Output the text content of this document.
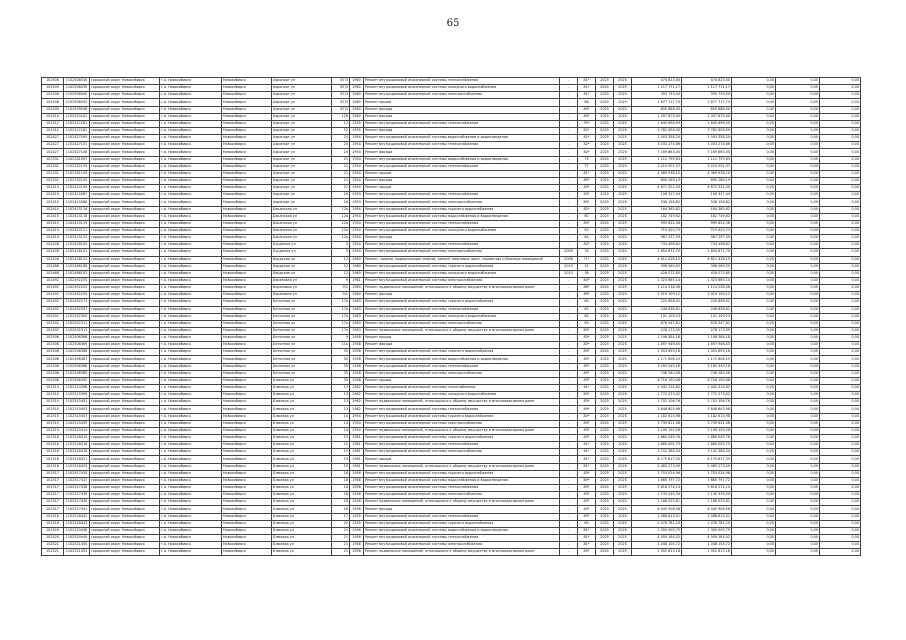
65
102508	1102508030	городской округ Новосибирск	г.о. Новосибирск	Новосибирск	Аэропорт ул	67/3	1960	Ремонт внутридомовой инженерной системы теплоснабжения	-	81*	2025	2025	474 823,00	474 823,00	0,00	0,00	0,00
102509	1102508039	городской округ Новосибирск	г.о. Новосибирск	Новосибирск	Аэропорт ул	67/3	1960	Ремонт внутридомовой инженерной системы холодного водоснабжения	-	81*	2025	2025	1 117 771,17	1 117 771,17	0,00	0,00	0,00
102508	1102508040	городской округ Новосибирск	г.о. Новосибирск	Новосибирск	Аэропорт ул	67/3	1960	Ремонт внутридомовой инженерной системы электроснабжения	-	81*	2025	2025	355 733,00	355 733,00	0,00	0,00	0,00
102508	1102508042	городской округ Новосибирск	г.о. Новосибирск	Новосибирск	Аэропорт ул	67/3	1960	Ремонт крыши	-	86	2025	2025	1 677 717,74	1 677 717,74	0,00	0,00	0,00
102509	1102509046	городской округ Новосибирск	г.о. Новосибирск	Новосибирск	Аэропорт ул	67/3	1960	Ремонт фасада	-	84*	2025	2025	855 688,00	855 688,00	0,00	0,00	0,00
102510	1102510181	городской округ Новосибирск	г.о. Новосибирск	Новосибирск	Аэропорт ул	12б	1960	Ремонт фасада	-	84*	2025	2025	1 397 879,40	1 397 879,40	0,00	0,00	0,00
102512	1102512281	городской округ Новосибирск	г.о. Новосибирск	Новосибирск	Аэропорт ул	12	1955	Ремонт внутридомовой инженерной системы теплоснабжения	-	95*	2025	2025	1 640 698,59	1 640 698,59	0,00	0,00	0,00
102512	1102512281	городской округ Новосибирск	г.о. Новосибирск	Новосибирск	Аэропорт ул	12	1955	Ремонт фасада	-	82*	2025	2025	3 782 658,50	3 782 658,50	0,00	0,00	0,00
102427	1102427095	городской округ Новосибирск	г.о. Новосибирск	Новосибирск	Аэропорт ул	20	1954	Ремонт внутридомовой инженерной системы водоснабжения и водоотведения	-	81*	2025	2025	1 003 358,20	1 003 358,20	0,00	0,00	0,00
102427	1102427101	городской округ Новосибирск	г.о. Новосибирск	Новосибирск	Аэропорт ул	20	1954	Ремонт внутридомовой инженерной системы теплоснабжения	-	82*	2025	2025	3 033 274,66	3 033 274,66	0,00	0,00	0,00
102427	1102427108	городской округ Новосибирск	г.о. Новосибирск	Новосибирск	Аэропорт ул	20	1954	Ремонт фасада	-	82*	2025	2025	7 169 863,00	7 169 863,00	0,00	0,00	0,00
102331	1102331097	городской округ Новосибирск	г.о. Новосибирск	Новосибирск	Аэропорт ул	21	1954	Ремонт внутридомовой инженерной системы водоснабжения и водоотведения	-	75	2025	2025	1 112 795,63	1 112 795,63	0,00	0,00	0,00
102332	1102332103	городской округ Новосибирск	г.о. Новосибирск	Новосибирск	Аэропорт ул	21	1954	Ремонт внутридомовой инженерной системы теплоснабжения	-	77	2025	2025	3 210 501,37	3 210 501,37	0,00	0,00	0,00
102331	1102331104	городской округ Новосибирск	г.о. Новосибирск	Новосибирск	Аэропорт ул	21	1954	Ремонт крыши	-	81*	2025	2025	4 369 938,10	4 369 938,10	0,00	0,00	0,00
102332	1102332105	городской округ Новосибирск	г.о. Новосибирск	Новосибирск	Аэропорт ул	21	1954	Ремонт фасада	-	85*	2025	2025	690 289,19	690 289,19	0,00	0,00	0,00
102414	1102414109	городской округ Новосибирск	г.о. Новосибирск	Новосибирск	Аэропорт ул	21	1954	Ремонт крыши	-	83*	2025	2025	4 671 521,00	4 671 521,00	0,00	0,00	0,00
102415	1102415087	городской округ Новосибирск	г.о. Новосибирск	Новосибирск	Аэропорт ул	16	1953	Ремонт внутридомовой инженерной системы теплоснабжения	-	83*	2025	2025	106 327,44	106 327,44	0,00	0,00	0,00
102415	1102415088	городской округ Новосибирск	г.о. Новосибирск	Новосибирск	Аэропорт ул	16	1953	Ремонт внутридомовой инженерной системы электроснабжения	-	85*	2025	2025	538 158,82	538 158,82	0,00	0,00	0,00
102415	1102415116	городской округ Новосибирск	г.о. Новосибирск	Новосибирск	Баканская ул	12а	1954	Ремонт внутридомовой инженерной системы горячего водоснабжения	-	82*	2025	2025	164 365,82	164 365,82	0,00	0,00	0,00
102415	1102415118	городской округ Новосибирск	г.о. Новосибирск	Новосибирск	Баканская ул	12а	1954	Ремонт внутридомовой инженерной системы водоснабжения и водоотведения	-	80	2025	2025	182 749,62	182 749,62	0,00	0,00	0,00
102415	1102415119	городской округ Новосибирск	г.о. Новосибирск	Новосибирск	Баканская ул	12а	1954	Ремонт внутридомовой инженерной системы теплоснабжения	-	83*	2025	2025	995 624,58	995 624,58	0,00	0,00	0,00
102415	1102415121	городской округ Новосибирск	г.о. Новосибирск	Новосибирск	Баканская ул	12а	1954	Ремонт внутридомовой инженерной системы холодного водоснабжения	-	50	2025	2025	715 420,73	715 420,73	0,00	0,00	0,00
102415	1102415122	городской округ Новосибирск	г.о. Новосибирск	Новосибирск	Баканская ул	12а	1954	Ремонт фасада	-	84	2025	2025	987 297,59	987 297,59	0,00	0,00	0,00
102428	1102428100	городской округ Новосибирск	г.о. Новосибирск	Новосибирск	Бурденко ул	5	1954	Ремонт внутридомовой инженерной системы теплоснабжения	-	82*	2025	2025	743 498,82	743 498,82	0,00	0,00	0,00
102428	1102428101	городской округ Новосибирск	г.о. Новосибирск	Новосибирск	Бурденко ул	5	1954	Ремонт внутридомовой инженерной системы электроснабжения	2009	76	2025	2025	1 854 871,70	1 854 871,70	0,00	0,00	0,00
102428	1102428103	городской округ Новосибирск	г.о. Новосибирск	Новосибирск	Бердская ул	12	1960	Ремонт, замена, модернизация лифтов, ремонт лифтовых шахт, машинных и блочных помещений	2008	71*	2025	2025	4 611 416,15	4 611 416,15	0,00	0,00	0,00
102466	1102466188	городской округ Новосибирск	г.о. Новосибирск	Новосибирск	Бердская ул	12	1960	Ремонт внутридомовой инженерной системы горячего водоснабжения	2013	31	2025	2025	398 560,55	398 560,55	0,00	0,00	0,00
102468	1102468192	городской округ Новосибирск	г.о. Новосибирск	Новосибирск	Бердская ул	12	1960	Ремонт внутридомовой инженерной системы холодного водоснабжения	2013	38	2025	2025	426 072,80	426 072,80	0,00	0,00	0,00
102492	1102492205	городской округ Новосибирск	г.о. Новосибирск	Новосибирск	Березовая ул	9	1961	Ремонт внутридомовой инженерной системы электроснабжения	-	60*	2025	2025	1 323 665,14	1 323 665,14	0,00	0,00	0,00
102492	1102492203	городской округ Новосибирск	г.о. Новосибирск	Новосибирск	Березовая ул	9/1	1964	Ремонт подвальных помещений, относящихся к общему имуществу в многоквартирном доме	-	86*	2025	2025	1 114 238,46	1 114 238,46	0,00	0,00	0,00
102492	1102492205	городской округ Новосибирск	г.о. Новосибирск	Новосибирск	Березовая ул	9/1	1964	Ремонт фасада	-	89*	2025	2025	2 919 109,12	2 919 109,12	0,00	0,00	0,00
102492	1102492271	городской округ Новосибирск	г.о. Новосибирск	Новосибирск	Бетонная ул	17а	1963	Ремонт внутридомовой инженерной системы горячего водоснабжения	-	60	2025	2025	220 696,02	220 696,02	0,00	0,00	0,00
102492	1102492307	городской округ Новосибирск	г.о. Новосибирск	Новосибирск	Бетонная ул	17а	1963	Ремонт внутридомовой инженерной системы теплоснабжения	-	63	2025	2025	246 636,61	246 636,61	0,00	0,00	0,00
102502	1102502309	городской округ Новосибирск	г.о. Новосибирск	Новосибирск	Бетонная ул	17а	1963	Ремонт внутридомовой инженерной системы холодного водоснабжения	-	62	2025	2025	151 109,23	151 109,23	0,00	0,00	0,00
102502	1102502311	городской округ Новосибирск	г.о. Новосибирск	Новосибирск	Бетонная ул	17а	1963	Ремонт внутридомовой инженерной системы электроснабжения	-	63	2025	2025	878 547,81	878 547,81	0,00	0,00	0,00
102502	1102502313	городской округ Новосибирск	г.о. Новосибирск	Новосибирск	Бетонная ул	17а	1963	Ремонт подвальных помещений, относящихся к общему имуществу в многоквартирном доме	-	83*	2025	2025	278 173,35	278 173,35	0,00	0,00	0,00
102506	1102506368	городской округ Новосибирск	г.о. Новосибирск	Новосибирск	Бетонная ул	9	1958	Ремонт крыши	-	83*	2025	2025	1 198 384,18	1 198 384,18	0,00	0,00	0,00
102506	1102506369	городской округ Новосибирск	г.о. Новосибирск	Новосибирск	Бетонная ул	11а	1958	Ремонт фасада	-	83*	2025	2025	1 897 946,45	1 897 946,45	0,00	0,00	0,00
102506	1102506386	городской округ Новосибирск	г.о. Новосибирск	Новосибирск	Бетонная ул	35	1958	Ремонт внутридомовой инженерной системы горячего водоснабжения	-	83*	2025	2025	1 053 659,18	1 053 659,18	0,00	0,00	0,00
102506	1102506387	городской округ Новосибирск	г.о. Новосибирск	Новосибирск	Бетонная ул	35	1958	Ремонт внутридомовой инженерной системы водоснабжения и водоотведения	-	85*	2025	2025	1 171 606,25	1 171 606,25	0,00	0,00	0,00
102506	1102506388	городской округ Новосибирск	г.о. Новосибирск	Новосибирск	Бетонная ул	35	1958	Ремонт внутридомовой инженерной системы теплоснабжения	-	85*	2025	2025	3 165 545,18	3 165 545,18	0,00	0,00	0,00
102506	1102506389	городской округ Новосибирск	г.о. Новосибирск	Новосибирск	Бетонная ул	35	1958	Ремонт внутридомовой инженерной системы электроснабжения	-	85*	2025	2025	746 280,56	746 280,56	0,00	0,00	0,00
102506	1102506392	городской округ Новосибирск	г.о. Новосибирск	Новосибирск	Блюхера ул	35	1958	Ремонт крыши	-	83*	2025	2025	6 716 190,06	6 716 190,06	0,00	0,00	0,00
102514	1102514398	городской округ Новосибирск	г.о. Новосибирск	Новосибирск	Блюхера ул	13	1962	Ремонт внутридомовой инженерной системы газоснабжения	-	61*	2025	2025	1 042 314,82	1 042 314,82	0,00	0,00	0,00
102515	1102515399	городской округ Новосибирск	г.о. Новосибирск	Новосибирск	Блюхера ул	13	1962	Ремонт внутридомовой инженерной системы холодного водоснабжения	-	83*	2025	2025	1 772 573,02	1 772 573,02	0,00	0,00	0,00
102515	1102515401	городской округ Новосибирск	г.о. Новосибирск	Новосибирск	Блюхера ул	13	1962	Ремонт подвальных помещений, относящихся к общему имуществу в многоквартирном доме	-	83*	2025	2025	1 702 106,76	1 702 106,76	0,00	0,00	0,00
102515	1102515403	городской округ Новосибирск	г.о. Новосибирск	Новосибирск	Блюхера ул	13	1962	Ремонт внутридомовой инженерной системы теплоснабжения	-	69*	2025	2025	3 848 803,98	3 848 803,98	0,00	0,00	0,00
102515	1102515407	городской округ Новосибирск	г.о. Новосибирск	Новосибирск	Блюхера ул	14	1954	Ремонт внутридомовой инженерной системы горячего водоснабжения	-	83*	2025	2025	1 182 614,98	1 182 614,98	0,00	0,00	0,00
102515	1102515409	городской округ Новосибирск	г.о. Новосибирск	Новосибирск	Блюхера ул	14	1954	Ремонт внутридомовой инженерной системы электроснабжения	-	83*	2025	2025	3 739 621,48	3 739 621,48	0,00	0,00	0,00
102515	1102515414	городской округ Новосибирск	г.о. Новосибирск	Новосибирск	Блюхера ул	14	1954	Ремонт подвальных помещений, относящихся к общему имуществу в многоквартирном доме	-	83*	2025	2025	2 109 155,26	2 109 155,26	0,00	0,00	0,00
102516	1102516415	городской округ Новосибирск	г.о. Новосибирск	Новосибирск	Блюхера ул	15	1961	Ремонт внутридомовой инженерной системы горячего водоснабжения	-	83*	2025	2025	1 860 049,76	1 860 049,76	0,00	0,00	0,00
102516	1102516416	городской округ Новосибирск	г.о. Новосибирск	Новосибирск	Блюхера ул	15	1961	Ремонт внутридомовой инженерной системы теплоснабжения	-	61*	2025	2025	1 660 005,75	1 660 005,75	0,00	0,00	0,00
102516	1102516418	городской округ Новосибирск	г.о. Новосибирск	Новосибирск	Блюхера ул	15	1961	Ремонт внутридомовой инженерной системы электроснабжения	-	61*	2025	2025	3 152 386,34	3 152 386,34	0,00	0,00	0,00
102516	1102516421	городской округ Новосибирск	г.о. Новосибирск	Новосибирск	Блюхера ул	15	1961	Ремонт крыши	-	81*	2025	2025	6 175 617,35	6 175 617,35	0,00	0,00	0,00
102516	1102516423	городской округ Новосибирск	г.о. Новосибирск	Новосибирск	Блюхера ул	15	1961	Ремонт подвальных помещений, относящихся к общему имуществу в многоквартирном доме	-	81*	2025	2025	2 485 273,49	2 485 273,49	0,00	0,00	0,00
102517	1102517430	городской округ Новосибирск	г.о. Новосибирск	Новосибирск	Блюхера ул	18	1956	Ремонт внутридомовой инженерной системы горячего водоснабжения	-	83*	2025	2025	1 753 024,96	1 753 024,96	0,00	0,00	0,00
102517	1102517437	городской округ Новосибирск	г.о. Новосибирск	Новосибирск	Блюхера ул	18	1956	Ремонт внутридомовой инженерной системы водоснабжения и водоотведения	-	69*	2025	2025	1 660 797,72	1 660 797,72	0,00	0,00	0,00
102517	1102517438	городской округ Новосибирск	г.о. Новосибирск	Новосибирск	Блюхера ул	18	1956	Ремонт внутридомовой инженерной системы теплоснабжения	-	83*	2025	2025	5 618 274,14	5 618 274,14	0,00	0,00	0,00
102517	1102517439	городской округ Новосибирск	г.о. Новосибирск	Новосибирск	Блюхера ул	18	1956	Ремонт внутридомовой инженерной системы электроснабжения	-	83*	2025	2025	1 130 535,30	1 130 535,30	0,00	0,00	0,00
102517	1102517440	городской округ Новосибирск	г.о. Новосибирск	Новосибирск	Блюхера ул	18	1956	Ремонт подвальных помещений, относящихся к общему имуществу в многоквартирном доме	-	83*	2025	2025	2 166 025,81	2 166 025,81	0,00	0,00	0,00
102517	1102517441	городской округ Новосибирск	г.о. Новосибирск	Новосибирск	Блюхера ул	18	1956	Ремонт фасада	-	83*	2025	2025	6 445 908,58	6 445 908,58	0,00	0,00	0,00
102518	1102518442	городской округ Новосибирск	г.о. Новосибирск	Новосибирск	Блюхера ул	17	1955	Ремонт внутридомовой инженерной системы теплоснабжения	-	65*	2025	2025	1 568 613,01	1 568 613,01	0,00	0,00	0,00
102518	1102518443	городской округ Новосибирск	г.о. Новосибирск	Новосибирск	Блюхера ул	20	1955	Ремонт внутридомовой инженерной системы горячего водоснабжения	-	80	2025	2025	1 078 781,20	1 078 781,20	0,00	0,00	0,00
102520	1102520448	городской округ Новосибирск	г.о. Новосибирск	Новосибирск	Блюхера ул	21	1956	Ремонт внутридомовой инженерной системы водоснабжения и водоотведения	-	81*	2025	2025	1 300 505,75	1 300 505,75	0,00	0,00	0,00
102520	1102520449	городской округ Новосибирск	г.о. Новосибирск	Новосибирск	Блюхера ул	21	1956	Ремонт внутридомовой инженерной системы теплоснабжения	-	81*	2025	2025	4 059 184,02	4 059 184,02	0,00	0,00	0,00
102521	1102521450	городской округ Новосибирск	г.о. Новосибирск	Новосибирск	Блюхера ул	21	1956	Ремонт внутридомовой инженерной системы электроснабжения	-	81*	2025	2025	1 048 104,72	1 048 104,72	0,00	0,00	0,00
102521	1102521453	городской округ Новосибирск	г.о. Новосибирск	Новосибирск	Блюхера ул	21	1956	Ремонт подвальных помещений, относящихся к общему имуществу в многоквартирном доме	-	45*	2025	2025	1 952 613,18	1 952 613,18	0,00	0,00	0,00
